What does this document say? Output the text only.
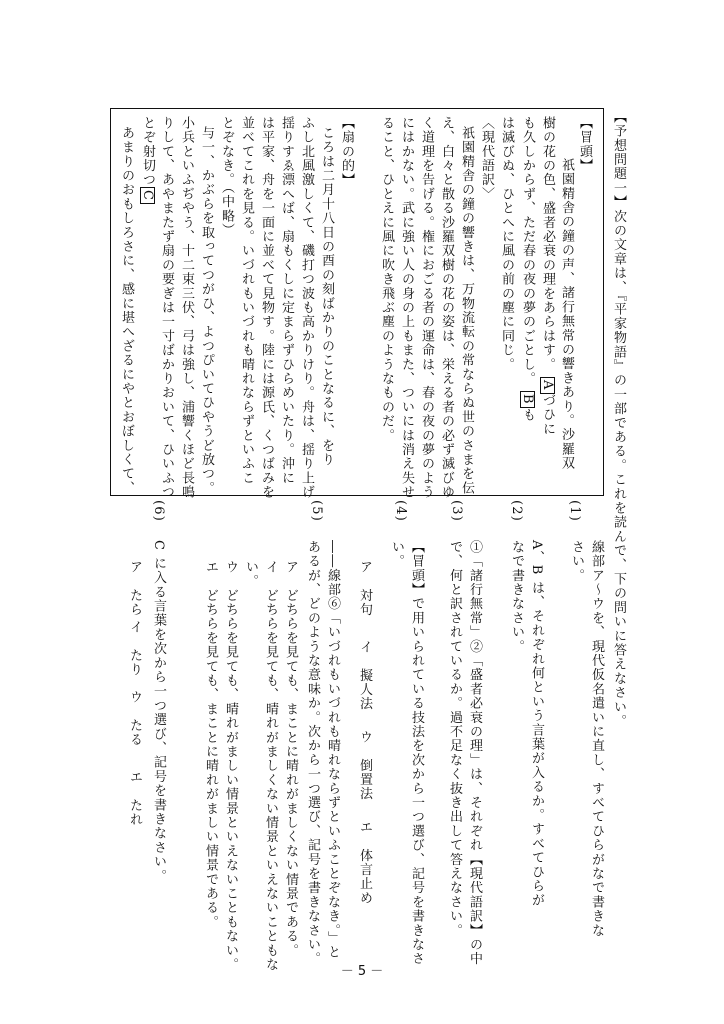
【予想問題一】次の文章は、『平家物語』の一部である。これを読んで、下の問いに答えなさい。
【冒頭】
祇園精舎の鐘の声、諸行無常の響きあり。沙羅双
樹の花の色、盛者必衰の理をあらはす。 Aづひに
も久しからず、ただ春の夜の夢のごとし。 Bも
は滅びぬ、ひとへに風の前の塵に同じ。
〈現代語訳〉
祇園精舎の鐘の響きは、万物流転の常ならぬ世のさまを伝
え、白々と散る沙羅双樹の花の姿は、栄える者の必ず滅びゆ
く道理を告げる。権におごる者の運命は、春の夜の夢のよう
にはかない。武に強い人の身の上もまた、ついには消え失せ
ること、ひとえに風に吹き飛ぶ塵のようなものだ。
【扇の的】
ころは二月十八日の酉の刻ばかりのことなるに、をり
ふし北風激しくて、磯打つ波も高かりけり。舟は、揺り上げ
揺りすゑ漂へば、扇もくしに定まらずひらめいたり。沖に
は平家、舟を一面に並べて見物す。陸には源氏、くつばみを
並べてこれを見る。いづれもいづれも晴れならずといふこ
とぞなき。（中略）
与一、かぶらを取ってつがひ、よつぴいてひやうど放つ。
小兵といふぢやう、十二束三伏、弓は強し、浦響くほど長鳴
りして、あやまたず扇の要ぎは一寸ばかりおいて、ひいふつ
とぞ射切つC
あまりのおもしろさに、感に堪へざるにやとおぼしくて、
(1)
線部ア～ウを、現代仮名遣いに直し、すべてひらがなで書きな
さい。
(2)
A、B は、それぞれ何という言葉が入るか。すべてひらが
なで書きなさい。
(3)
①「諸行無常」②「盛者必衰の理」は、それぞれ【現代語訳】の中
で、何と訳されているか。過不足なく抜き出して答えなさい。
(4)
【冒頭】で用いられている技法を次から一つ選び、記号を書きなさ
い。
ア　対句
イ　擬人法
ウ　倒置法
エ　体言止め
(5)
――線部⑥「いづれもいづれも晴れならずといふことぞなき。」と
あるが、どのような意味か。次から一つ選び、記号を書きなさい。
ア　どちらを見ても、まことに晴れがましくない情景である。
イ　どちらを見ても、晴れがましくない情景といえないこともな
い。
ウ　どちらを見ても、晴れがましい情景といえないこともない。
エ　どちらを見ても、まことに晴れがましい情景である。
(6)
C に入る言葉を次から一つ選び、記号を書きなさい。
ア　たら
イ　たり
ウ　たる
エ　たれ
－ 5 －
